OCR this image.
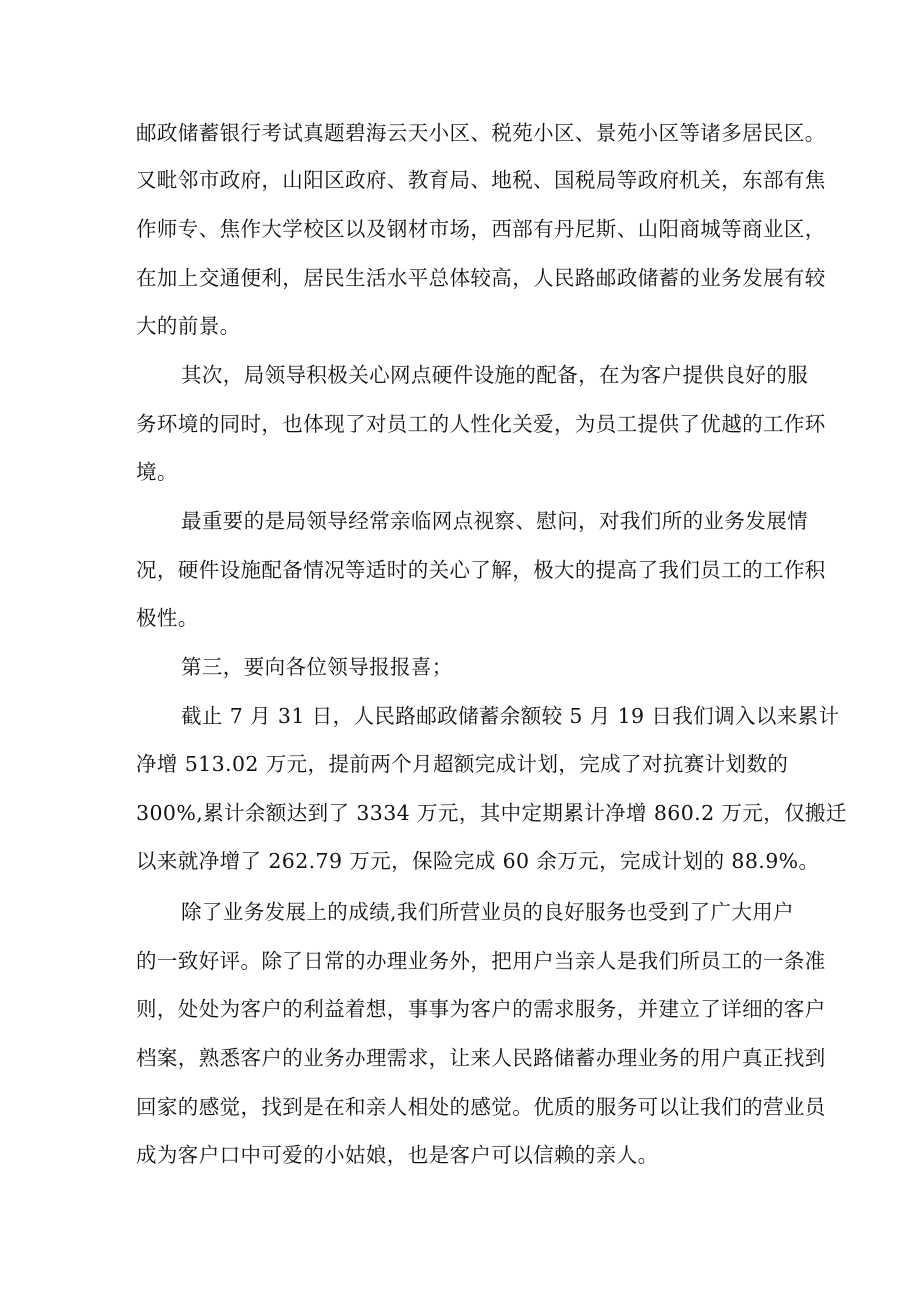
邮政储蓄银行考试真题碧海云天小区、税苑小区、景苑小区等诸多居民区。
又毗邻市政府，山阳区政府、教育局、地税、国税局等政府机关，东部有焦
作师专、焦作大学校区以及钢材市场，西部有丹尼斯、山阳商城等商业区，
在加上交通便利，居民生活水平总体较高，人民路邮政储蓄的业务发展有较
大的前景。
其次，局领导积极关心网点硬件设施的配备，在为客户提供良好的服
务环境的同时，也体现了对员工的人性化关爱，为员工提供了优越的工作环
境。
最重要的是局领导经常亲临网点视察、慰问，对我们所的业务发展情
况，硬件设施配备情况等适时的关心了解，极大的提高了我们员工的工作积
极性。
第三，要向各位领导报报喜；
截止 7 月 31 日，人民路邮政储蓄余额较 5 月 19 日我们调入以来累计
净增 513.02 万元，提前两个月超额完成计划，完成了对抗赛计划数的
300%,累计余额达到了 3334 万元，其中定期累计净增 860.2 万元，仅搬迁
以来就净增了 262.79 万元，保险完成 60 余万元，完成计划的 88.9%。
除了业务发展上的成绩,我们所营业员的良好服务也受到了广大用户
的一致好评。除了日常的办理业务外，把用户当亲人是我们所员工的一条准
则，处处为客户的利益着想，事事为客户的需求服务，并建立了详细的客户
档案，熟悉客户的业务办理需求，让来人民路储蓄办理业务的用户真正找到
回家的感觉，找到是在和亲人相处的感觉。优质的服务可以让我们的营业员
成为客户口中可爱的小姑娘，也是客户可以信赖的亲人。
